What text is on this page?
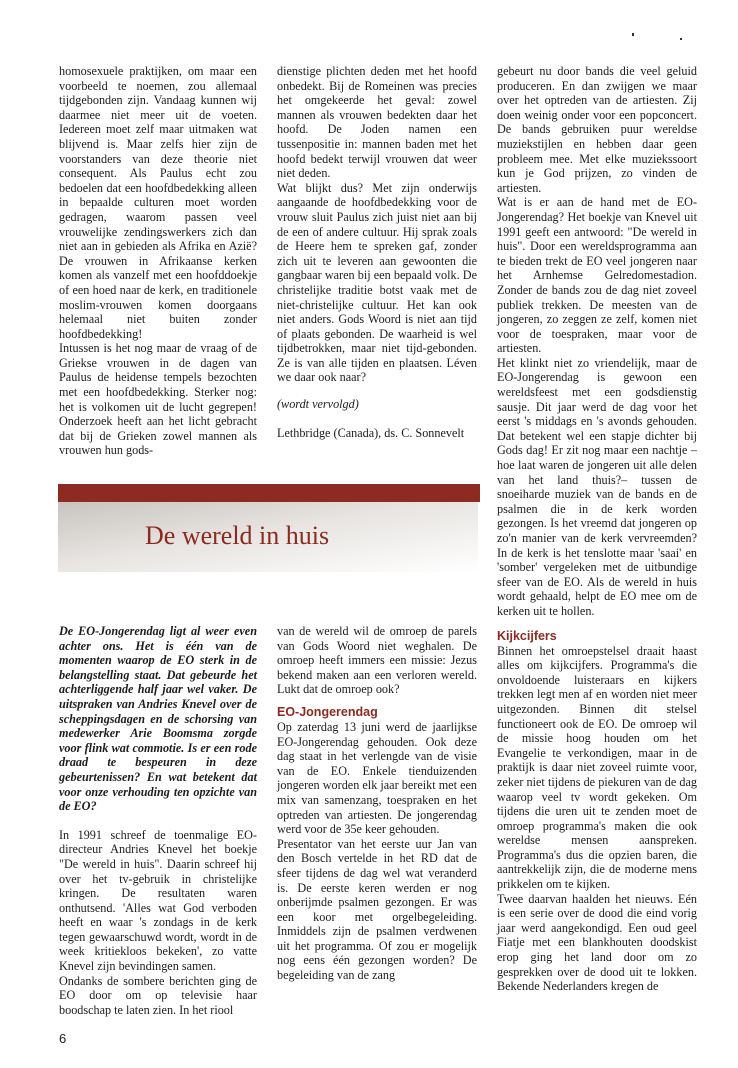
homosexuele praktijken, om maar een voorbeeld te noemen, zou allemaal tijdgebonden zijn. Vandaag kunnen wij daarmee niet meer uit de voeten. Iedereen moet zelf maar uitmaken wat blijvend is. Maar zelfs hier zijn de voorstanders van deze theorie niet consequent. Als Paulus echt zou bedoelen dat een hoofdbedekking alleen in bepaalde culturen moet worden gedragen, waarom passen veel vrouwelijke zendingswerkers zich dan niet aan in gebieden als Afrika en Azië? De vrouwen in Afrikaanse kerken komen als vanzelf met een hoofddoekje of een hoed naar de kerk, en traditionele moslim-vrouwen komen doorgaans helemaal niet buiten zonder hoofdbedekking!

Intussen is het nog maar de vraag of de Griekse vrouwen in de dagen van Paulus de heidense tempels bezochten met een hoofdbedekking. Sterker nog: het is volkomen uit de lucht gegrepen! Onderzoek heeft aan het licht gebracht dat bij de Grieken zowel mannen als vrouwen hun gods-

dienstige plichten deden met het hoofd onbedekt. Bij de Romeinen was precies het omgekeerde het geval: zowel mannen als vrouwen bedekten daar het hoofd. De Joden namen een tussenpositie in: mannen baden met het hoofd bedekt terwijl vrouwen dat weer niet deden.

Wat blijkt dus? Met zijn onderwijs aangaande de hoofdbedekking voor de vrouw sluit Paulus zich juist niet aan bij de een of andere cultuur. Hij sprak zoals de Heere hem te spreken gaf, zonder zich uit te leveren aan gewoonten die gangbaar waren bij een bepaald volk. De christelijke traditie botst vaak met de niet-christelijke cultuur. Het kan ook niet anders. Gods Woord is niet aan tijd of plaats gebonden. De waarheid is wel tijdbetrokken, maar niet tijd-gebonden. Ze is van alle tijden en plaatsen. Léven we daar ook naar?

(wordt vervolgd)

Lethbridge (Canada), ds. C. Sonnevelt

De wereld in huis

De EO-Jongerendag ligt al weer even achter ons. Het is één van de momenten waarop de EO sterk in de belangstelling staat. Dat gebeurde het achterliggende half jaar wel vaker. De uitspraken van Andries Knevel over de scheppingsdagen en de schorsing van medewerker Arie Boomsma zorgde voor flink wat commotie. Is er een rode draad te bespeuren in deze gebeurtenissen? En wat betekent dat voor onze verhouding ten opzichte van de EO?

In 1991 schreef de toenmalige EO-directeur Andries Knevel het boekje "De wereld in huis". Daarin schreef hij over het tv-gebruik in christelijke kringen. De resultaten waren onthutsend. 'Alles wat God verboden heeft en waar 's zondags in de kerk tegen gewaarschuwd wordt, wordt in de week kritiekloos bekeken', zo vatte Knevel zijn bevindingen samen.

Ondanks de sombere berichten ging de EO door om op televisie haar boodschap te laten zien. In het riool

van de wereld wil de omroep de parels van Gods Woord niet weghalen. De omroep heeft immers een missie: Jezus bekend maken aan een verloren wereld. Lukt dat de omroep ook?

EO-Jongerendag

Op zaterdag 13 juni werd de jaarlijkse EO-Jongerendag gehouden. Ook deze dag staat in het verlengde van de visie van de EO. Enkele tienduizenden jongeren worden elk jaar bereikt met een mix van samenzang, toespraken en het optreden van artiesten. De jongerendag werd voor de 35e keer gehouden.

Presentator van het eerste uur Jan van den Bosch vertelde in het RD dat de sfeer tijdens de dag wel wat veranderd is. De eerste keren werden er nog onberijmde psalmen gezongen. Er was een koor met orgelbegeleiding. Inmiddels zijn de psalmen verdwenen uit het programma. Of zou er mogelijk nog eens één gezongen worden? De begeleiding van de zang

gebeurt nu door bands die veel geluid produceren. En dan zwijgen we maar over het optreden van de artiesten. Zij doen weinig onder voor een popconcert. De bands gebruiken puur wereldse muziekstijlen en hebben daar geen probleem mee. Met elke muziekssoort kun je God prijzen, zo vinden de artiesten.

Wat is er aan de hand met de EO-Jongerendag? Het boekje van Knevel uit 1991 geeft een antwoord: "De wereld in huis". Door een wereldsprogramma aan te bieden trekt de EO veel jongeren naar het Arnhemse Gelredomestadion. Zonder de bands zou de dag niet zoveel publiek trekken. De meesten van de jongeren, zo zeggen ze zelf, komen niet voor de toespraken, maar voor de artiesten.

Het klinkt niet zo vriendelijk, maar de EO-Jongerendag is gewoon een wereldsfeest met een godsdienstig sausje. Dit jaar werd de dag voor het eerst 's middags en 's avonds gehouden. Dat betekent wel een stapje dichter bij Gods dag! Er zit nog maar een nachtje –hoe laat waren de jongeren uit alle delen van het land thuis?– tussen de snoeiharde muziek van de bands en de psalmen die in de kerk worden gezongen. Is het vreemd dat jongeren op zo'n manier van de kerk vervreemden? In de kerk is het tenslotte maar 'saai' en 'somber' vergeleken met de uitbundige sfeer van de EO. Als de wereld in huis wordt gehaald, helpt de EO mee om de kerken uit te hollen.

Kijkcijfers

Binnen het omroepstelsel draait haast alles om kijkcijfers. Programma's die onvoldoende luisteraars en kijkers trekken legt men af en worden niet meer uitgezonden. Binnen dit stelsel functioneert ook de EO. De omroep wil de missie hoog houden om het Evangelie te verkondigen, maar in de praktijk is daar niet zoveel ruimte voor, zeker niet tijdens de piekuren van de dag waarop veel tv wordt gekeken. Om tijdens die uren uit te zenden moet de omroep programma's maken die ook wereldse mensen aanspreken. Programma's dus die opzien baren, die aantrekkelijk zijn, die de moderne mens prikkelen om te kijken.

Twee daarvan haalden het nieuws. Eén is een serie over de dood die eind vorig jaar werd aangekondigd. Een oud geel Fiatje met een blankhouten doodskist erop ging het land door om zo gesprekken over de dood uit te lokken. Bekende Nederlanders kregen de

6
